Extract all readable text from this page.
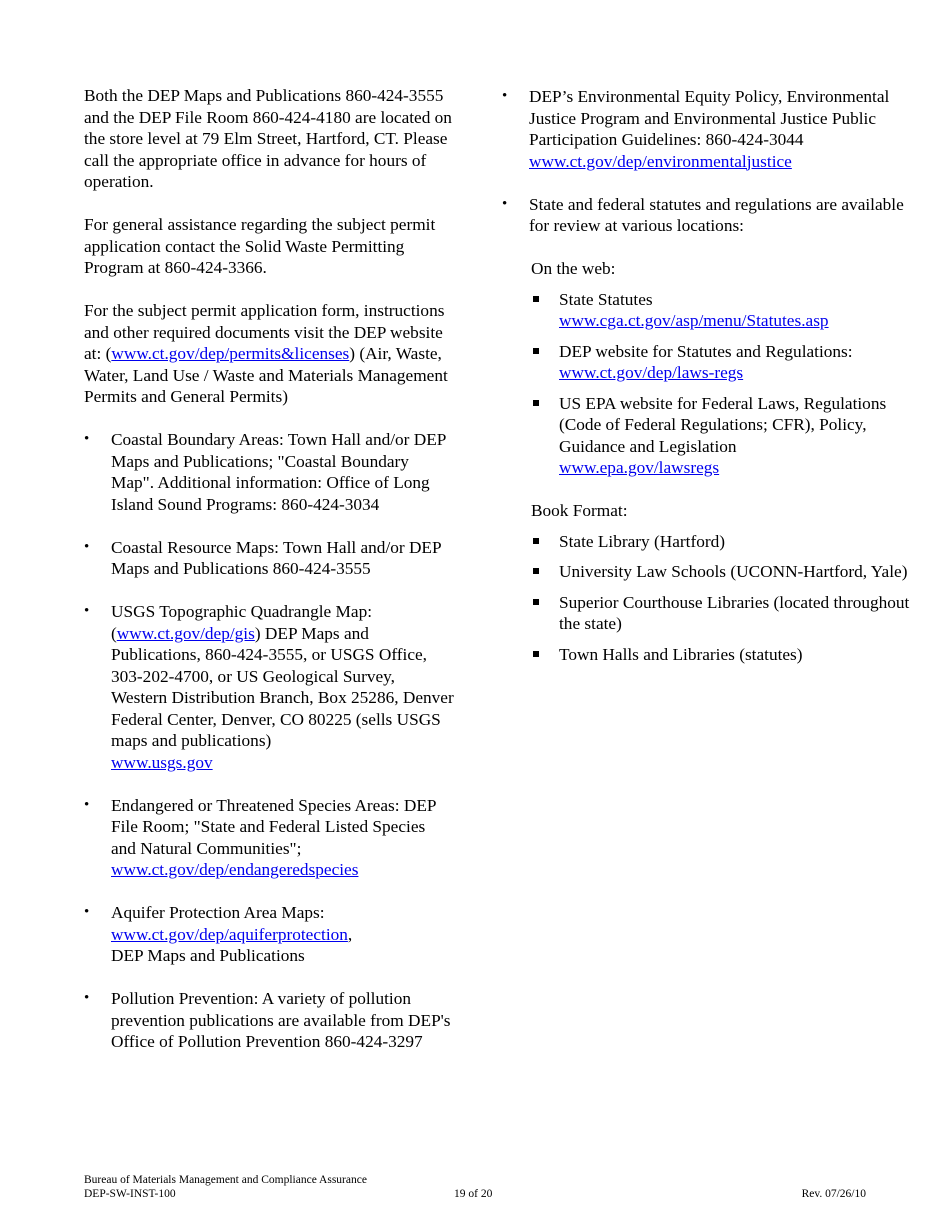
Both the DEP Maps and Publications 860-424-3555 and the DEP File Room 860-424-4180 are located on the store level at 79 Elm Street, Hartford, CT. Please call the appropriate office in advance for hours of operation.

For general assistance regarding the subject permit application contact the Solid Waste Permitting Program at 860-424-3366.

For the subject permit application form, instructions and other required documents visit the DEP website at: (www.ct.gov/dep/permits&licenses) (Air, Waste, Water, Land Use / Waste and Materials Management Permits and General Permits)

• Coastal Boundary Areas: Town Hall and/or DEP Maps and Publications; "Coastal Boundary Map". Additional information: Office of Long Island Sound Programs: 860-424-3034
• Coastal Resource Maps: Town Hall and/or DEP Maps and Publications 860-424-3555
• USGS Topographic Quadrangle Map:
(www.ct.gov/dep/gis) DEP Maps and Publications, 860-424-3555, or USGS Office, 303-202-4700, or US Geological Survey, Western Distribution Branch, Box 25286, Denver Federal Center, Denver, CO 80225 (sells USGS maps and publications)
www.usgs.gov
• Endangered or Threatened Species Areas: DEP File Room; "State and Federal Listed Species and Natural Communities";
www.ct.gov/dep/endangeredspecies
• Aquifer Protection Area Maps:
www.ct.gov/dep/aquiferprotection,
DEP Maps and Publications
• Pollution Prevention: A variety of pollution prevention publications are available from DEP's Office of Pollution Prevention 860-424-3297
• DEP’s Environmental Equity Policy, Environmental Justice Program and Environmental Justice Public Participation Guidelines: 860-424-3044
www.ct.gov/dep/environmentaljustice
• State and federal statutes and regulations are available for review at various locations:

On the web:

State Statutes
www.cga.ct.gov/asp/menu/Statutes.asp
DEP website for Statutes and Regulations: www.ct.gov/dep/laws-regs
US EPA website for Federal Laws, Regulations (Code of Federal Regulations; CFR), Policy, Guidance and Legislation
www.epa.gov/lawsregs

Book Format:

State Library (Hartford)
University Law Schools (UCONN-Hartford, Yale)
Superior Courthouse Libraries (located throughout the state)
Town Halls and Libraries (statutes)
Bureau of Materials Management and Compliance Assurance
DEP-SW-INST-100	19 of 20	Rev. 07/26/10
